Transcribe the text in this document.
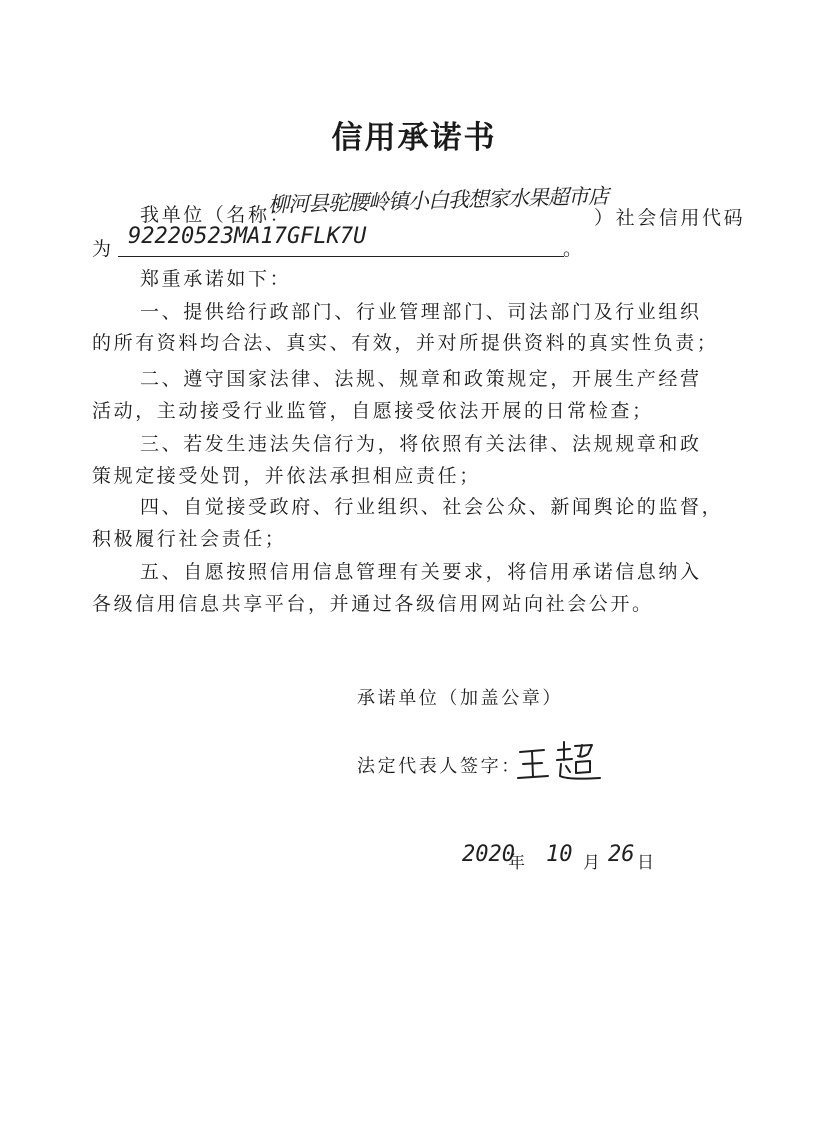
信用承诺书
我单位（名称：
柳河县驼腰岭镇小白我想家水果超市店
）社会信用代码
为 92220523MA17GFLK7U	。
郑重承诺如下：
一、提供给行政部门、行业管理部门、司法部门及行业组织
的所有资料均合法、真实、有效，并对所提供资料的真实性负责；
二、遵守国家法律、法规、规章和政策规定，开展生产经营
活动，主动接受行业监管，自愿接受依法开展的日常检查；
三、若发生违法失信行为，将依照有关法律、法规规章和政
策规定接受处罚，并依法承担相应责任；
四、自觉接受政府、行业组织、社会公众、新闻舆论的监督，
积极履行社会责任；
五、自愿按照信用信息管理有关要求，将信用承诺信息纳入
各级信用信息共享平台，并通过各级信用网站向社会公开。
承诺单位（加盖公章）
法定代表人签字：
2020
年 10 月 26 日
